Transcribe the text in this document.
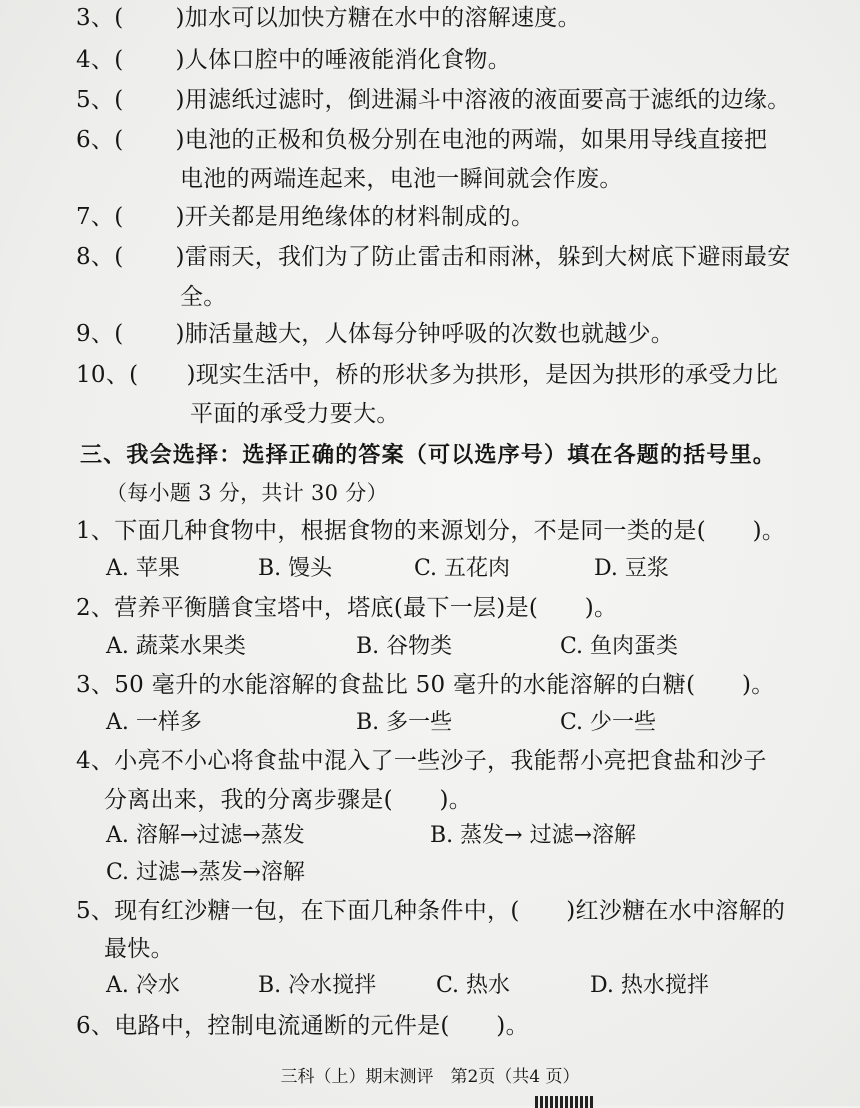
3、( )加水可以加快方糖在水中的溶解速度。
4、( )人体口腔中的唾液能消化食物。
5、( )用滤纸过滤时，倒进漏斗中溶液的液面要高于滤纸的边缘。
6、( )电池的正极和负极分别在电池的两端，如果用导线直接把
电池的两端连起来，电池一瞬间就会作废。
7、( )开关都是用绝缘体的材料制成的。
8、( )雷雨天，我们为了防止雷击和雨淋，躲到大树底下避雨最安
全。
9、( )肺活量越大，人体每分钟呼吸的次数也就越少。
10、( )现实生活中，桥的形状多为拱形，是因为拱形的承受力比
平面的承受力要大。
三、我会选择：选择正确的答案（可以选序号）填在各题的括号里。
（每小题 3 分，共计 30 分）
1、下面几种食物中，根据食物的来源划分，不是同一类的是(　　)。
A. 苹果	B. 馒头	C. 五花肉	D. 豆浆
2、营养平衡膳食宝塔中，塔底(最下一层)是(　　)。
A. 蔬菜水果类	B. 谷物类	C. 鱼肉蛋类
3、50 毫升的水能溶解的食盐比 50 毫升的水能溶解的白糖(　　)。
A. 一样多	B. 多一些	C. 少一些
4、小亮不小心将食盐中混入了一些沙子，我能帮小亮把食盐和沙子
分离出来，我的分离步骤是(　　)。
A. 溶解→过滤→蒸发	B. 蒸发→ 过滤→溶解
C. 过滤→蒸发→溶解
5、现有红沙糖一包，在下面几种条件中，(　　)红沙糖在水中溶解的
最快。
A. 冷水	B. 冷水搅拌	C. 热水	D. 热水搅拌
6、电路中，控制电流通断的元件是(　　)。
三科（上）期末测评　第2页（共4 页）
